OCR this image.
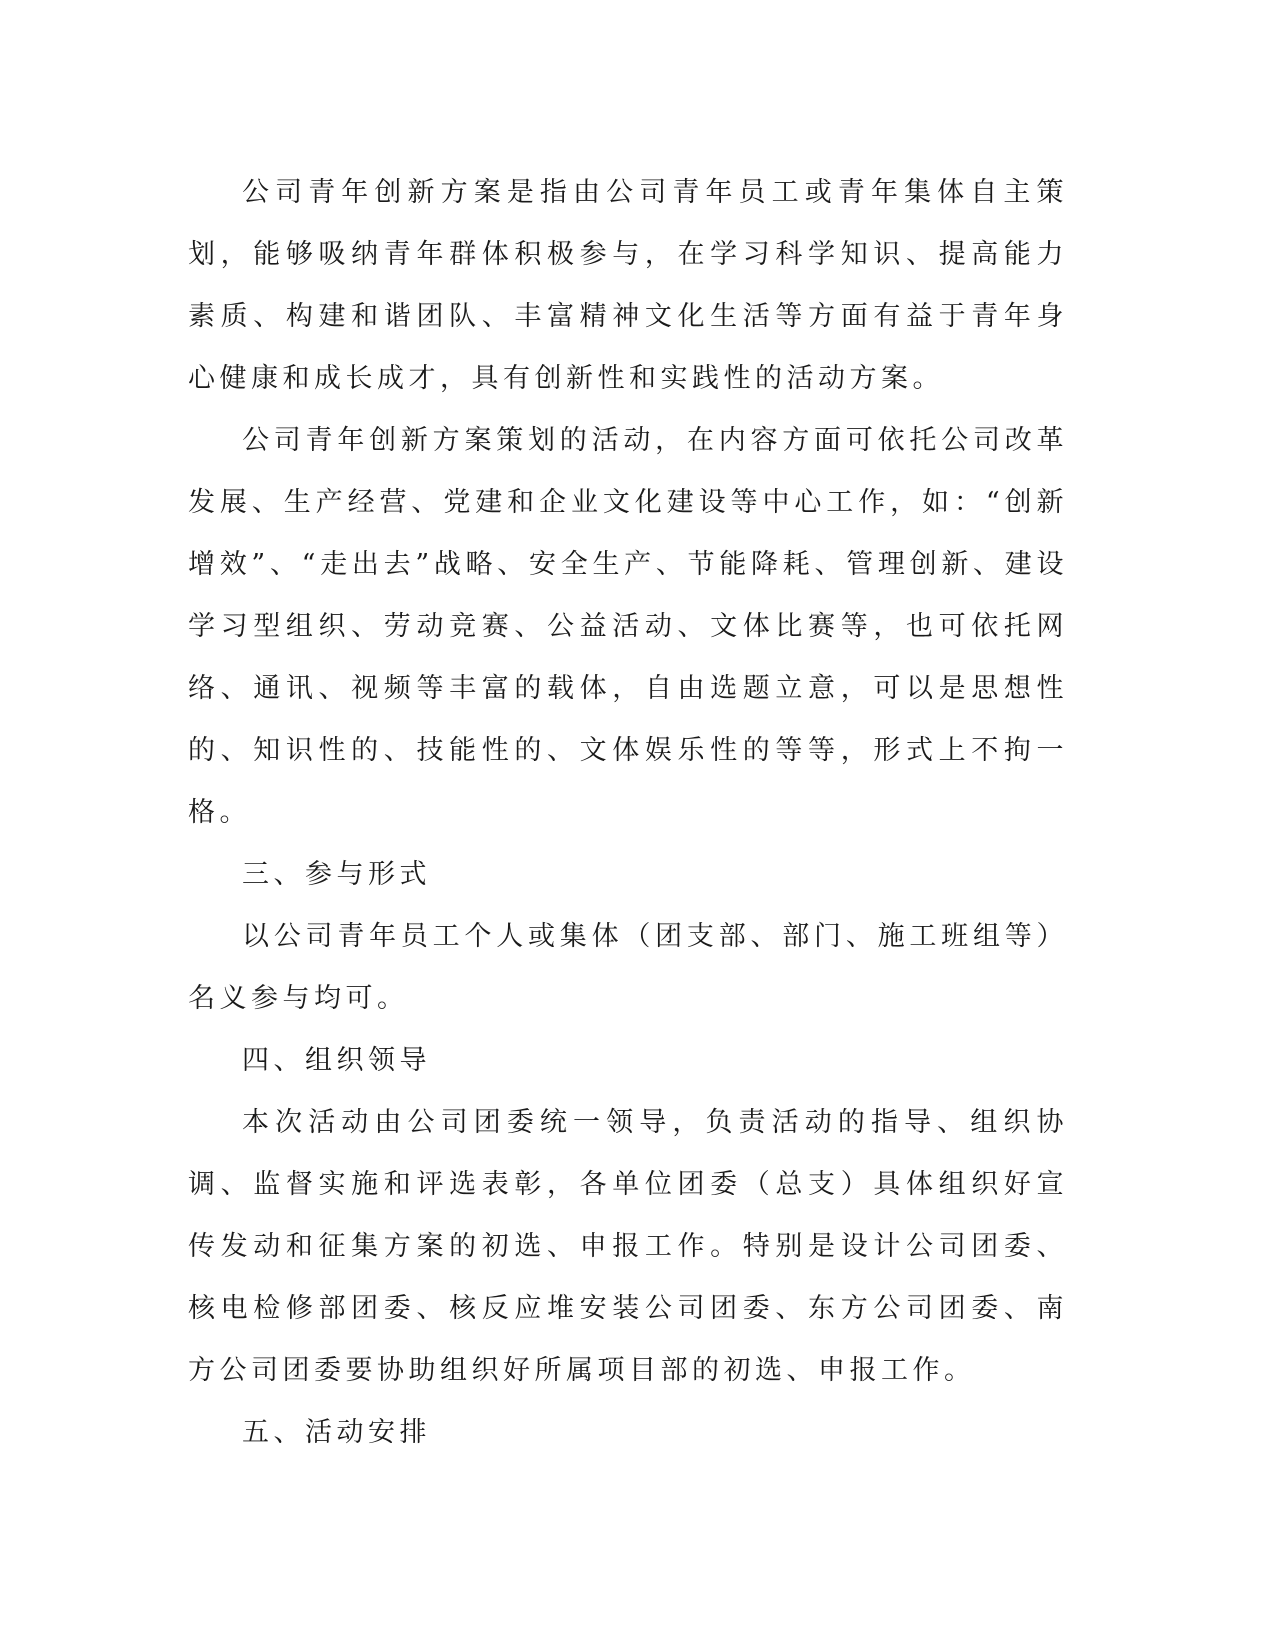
公司青年创新方案是指由公司青年员工或青年集体自主策划，能够吸纳青年群体积极参与，在学习科学知识、提高能力素质、构建和谐团队、丰富精神文化生活等方面有益于青年身心健康和成长成才，具有创新性和实践性的活动方案。

公司青年创新方案策划的活动，在内容方面可依托公司改革发展、生产经营、党建和企业文化建设等中心工作，如：“创新增效”、“走出去”战略、安全生产、节能降耗、管理创新、建设学习型组织、劳动竞赛、公益活动、文体比赛等，也可依托网络、通讯、视频等丰富的载体，自由选题立意，可以是思想性的、知识性的、技能性的、文体娱乐性的等等，形式上不拘一格。

三、参与形式

以公司青年员工个人或集体（团支部、部门、施工班组等）名义参与均可。

四、组织领导

本次活动由公司团委统一领导，负责活动的指导、组织协调、监督实施和评选表彰，各单位团委（总支）具体组织好宣传发动和征集方案的初选、申报工作。特别是设计公司团委、核电检修部团委、核反应堆安装公司团委、东方公司团委、南方公司团委要协助组织好所属项目部的初选、申报工作。

五、活动安排
